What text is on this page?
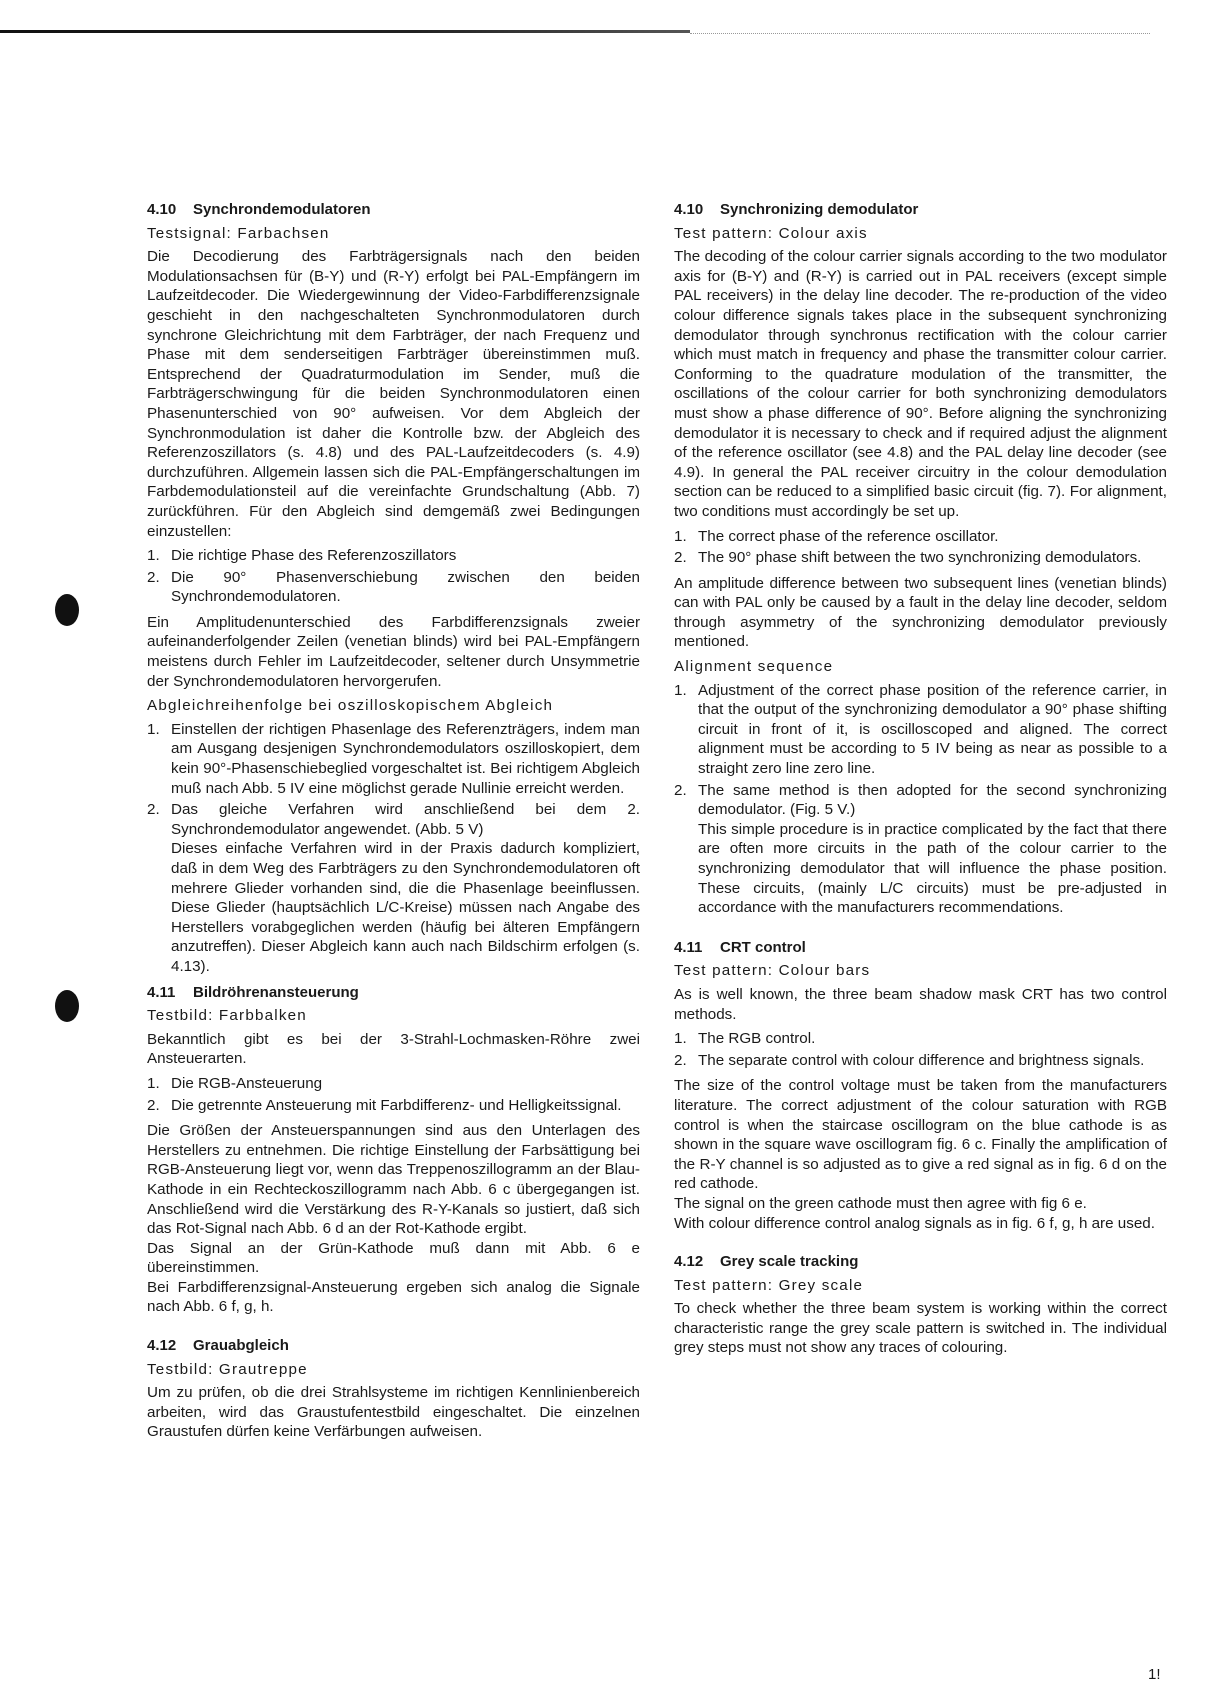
4.10 Synchrondemodulatoren
Testsignal: Farbachsen

Die Decodierung des Farbträgersignals nach den beiden Modulationsachsen für (B-Y) und (R-Y) erfolgt bei PAL-Empfängern im Laufzeitdecoder. Die Wiedergewinnung der Video-Farbdifferenzsignale geschieht in den nachgeschalteten Synchronmodulatoren durch synchrone Gleichrichtung mit dem Farbträger, der nach Frequenz und Phase mit dem senderseitigen Farbträger übereinstimmen muß. Entsprechend der Quadraturmodulation im Sender, muß die Farbträgerschwingung für die beiden Synchronmodulatoren einen Phasenunterschied von 90° aufweisen. Vor dem Abgleich der Synchronmodulation ist daher die Kontrolle bzw. der Abgleich des Referenzoszillators (s. 4.8) und des PAL-Laufzeitdecoders (s. 4.9) durchzuführen. Allgemein lassen sich die PAL-Empfängerschaltungen im Farbdemodulationsteil auf die vereinfachte Grundschaltung (Abb. 7) zurückführen. Für den Abgleich sind demgemäß zwei Bedingungen einzustellen:

1. Die richtige Phase des Referenzoszillators
2. Die 90° Phasenverschiebung zwischen den beiden Synchrondemodulatoren.

Ein Amplitudenunterschied des Farbdifferenzsignals zweier aufeinanderfolgender Zeilen (venetian blinds) wird bei PAL-Empfängern meistens durch Fehler im Laufzeitdecoder, seltener durch Unsymmetrie der Synchrondemodulatoren hervorgerufen.

Abgleichreihenfolge bei oszilloskopischem Abgleich
1. Einstellen der richtigen Phasenlage des Referenzträgers, indem man am Ausgang desjenigen Synchrondemodulators oszilloskopiert, dem kein 90°-Phasenschiebeglied vorgeschaltet ist. Bei richtigem Abgleich muß nach Abb. 5 IV eine möglichst gerade Nullinie erreicht werden.
2. Das gleiche Verfahren wird anschließend bei dem 2. Synchrondemodulator angewendet. (Abb. 5 V)
Dieses einfache Verfahren wird in der Praxis dadurch kompliziert, daß in dem Weg des Farbträgers zu den Synchrondemodulatoren oft mehrere Glieder vorhanden sind, die die Phasenlage beeinflussen. Diese Glieder (hauptsächlich L/C-Kreise) müssen nach Angabe des Herstellers vorabgeglichen werden (häufig bei älteren Empfängern anzutreffen). Dieser Abgleich kann auch nach Bildschirm erfolgen (s. 4.13).
4.11 Bildröhrenansteuerung
Testbild: Farbbalken

Bekanntlich gibt es bei der 3-Strahl-Lochmasken-Röhre zwei Ansteuerarten.

1. Die RGB-Ansteuerung
2. Die getrennte Ansteuerung mit Farbdifferenz- und Helligkeitssignal.

Die Größen der Ansteuerspannungen sind aus den Unterlagen des Herstellers zu entnehmen. Die richtige Einstellung der Farbsättigung bei RGB-Ansteuerung liegt vor, wenn das Treppenoszillogramm an der Blau-Kathode in ein Rechteckoszillogramm nach Abb. 6 c übergegangen ist. Anschließend wird die Verstärkung des R-Y-Kanals so justiert, daß sich das Rot-Signal nach Abb. 6 d an der Rot-Kathode ergibt.

Das Signal an der Grün-Kathode muß dann mit Abb. 6 e übereinstimmen.

Bei Farbdifferenzsignal-Ansteuerung ergeben sich analog die Signale nach Abb. 6 f, g, h.

4.12 Grauabgleich
Testbild: Grautreppe

Um zu prüfen, ob die drei Strahlsysteme im richtigen Kennlinienbereich arbeiten, wird das Graustufentestbild eingeschaltet. Die einzelnen Graustufen dürfen keine Verfärbungen aufweisen.

4.10 Synchronizing demodulator
Test pattern: Colour axis

The decoding of the colour carrier signals according to the two modulator axis for (B-Y) and (R-Y) is carried out in PAL receivers (except simple PAL receivers) in the delay line decoder. The re-production of the video colour difference signals takes place in the subsequent synchronizing demodulator through synchronus rectification with the colour carrier which must match in frequency and phase the transmitter colour carrier. Conforming to the quadrature modulation of the transmitter, the oscillations of the colour carrier for both synchronizing demodulators must show a phase difference of 90°. Before aligning the synchronizing demodulator it is necessary to check and if required adjust the alignment of the reference oscillator (see 4.8) and the PAL delay line decoder (see 4.9). In general the PAL receiver circuitry in the colour demodulation section can be reduced to a simplified basic circuit (fig. 7). For alignment, two conditions must accordingly be set up.

1. The correct phase of the reference oscillator.
2. The 90° phase shift between the two synchronizing demodulators.

An amplitude difference between two subsequent lines (venetian blinds) can with PAL only be caused by a fault in the delay line decoder, seldom through asymmetry of the synchronizing demodulator previously mentioned.

Alignment sequence
1. Adjustment of the correct phase position of the reference carrier, in that the output of the synchronizing demodulator a 90° phase shifting circuit in front of it, is oscilloscoped and aligned. The correct alignment must be according to 5 IV being as near as possible to a straight zero line zero line.
2. The same method is then adopted for the second synchronizing demodulator. (Fig. 5 V.)
This simple procedure is in practice complicated by the fact that there are often more circuits in the path of the colour carrier to the synchronizing demodulator that will influence the phase position. These circuits, (mainly L/C circuits) must be pre-adjusted in accordance with the manufacturers recommendations.
4.11 CRT control
Test pattern: Colour bars

As is well known, the three beam shadow mask CRT has two control methods.

1. The RGB control.
2. The separate control with colour difference and brightness signals.

The size of the control voltage must be taken from the manufacturers literature. The correct adjustment of the colour saturation with RGB control is when the staircase oscillogram on the blue cathode is as shown in the square wave oscillogram fig. 6 c. Finally the amplification of the R-Y channel is so adjusted as to give a red signal as in fig. 6 d on the red cathode.

The signal on the green cathode must then agree with fig 6 e.

With colour difference control analog signals as in fig. 6 f, g, h are used.

4.12 Grey scale tracking
Test pattern: Grey scale

To check whether the three beam system is working within the correct characteristic range the grey scale pattern is switched in. The individual grey steps must not show any traces of colouring.

1!
